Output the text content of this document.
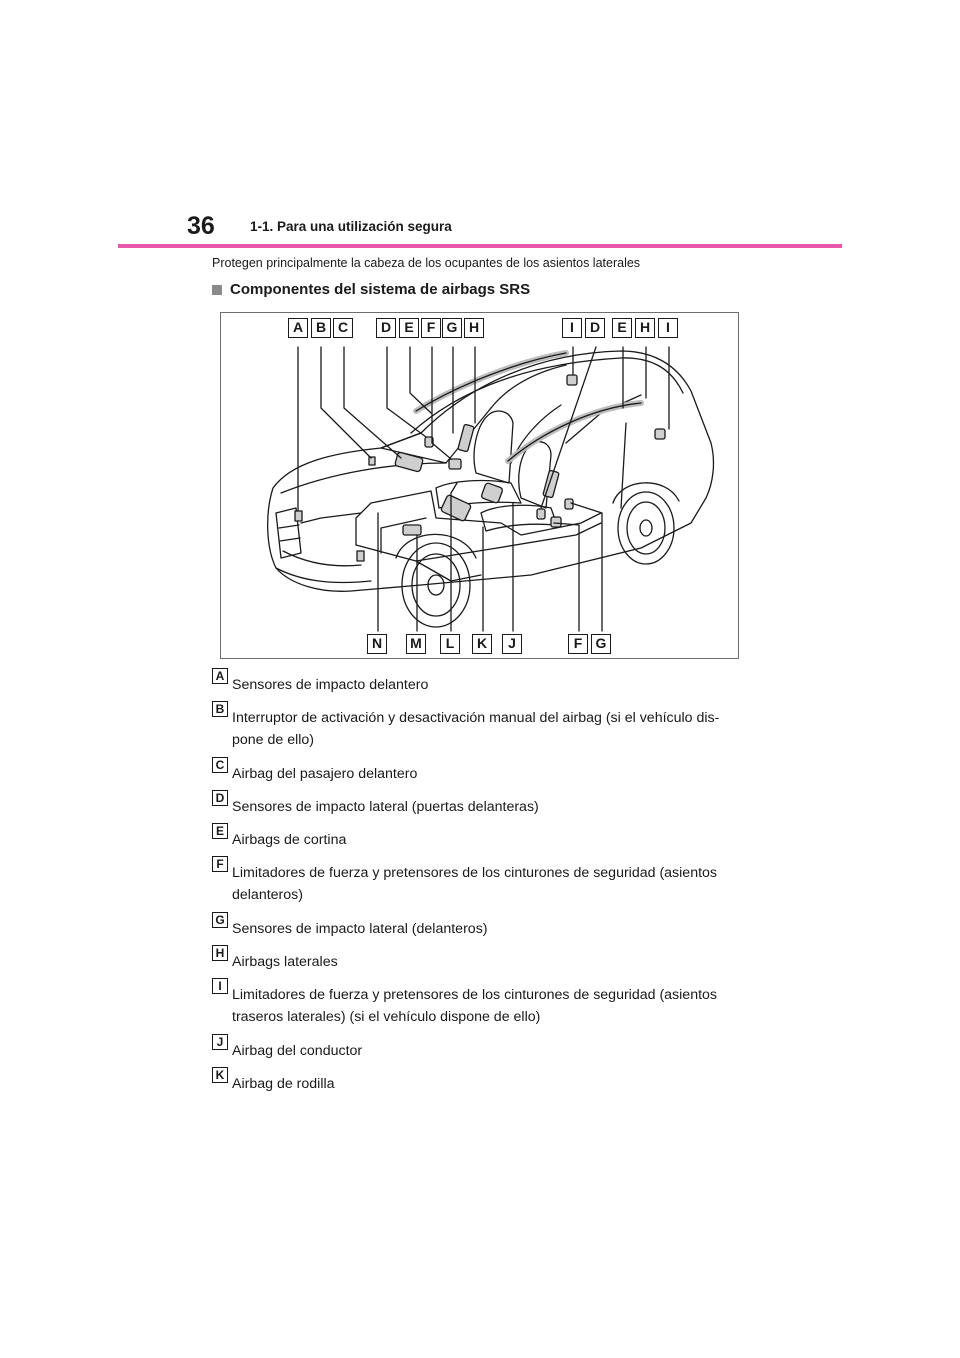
36	1-1. Para una utilización segura
Protegen principalmente la cabeza de los ocupantes de los asientos laterales
Componentes del sistema de airbags SRS
A B C	D E F G H	I	D	E H	I
N	M	L	K	J	F G
A
Sensores de impacto delantero
B
Interruptor de activación y desactivación manual del airbag (si el vehículo dis-pone de ello)
C
Airbag del pasajero delantero
D
Sensores de impacto lateral (puertas delanteras)
E
Airbags de cortina
F
Limitadores de fuerza y pretensores de los cinturones de seguridad (asientos delanteros)
G
Sensores de impacto lateral (delanteros)
H
Airbags laterales
I
Limitadores de fuerza y pretensores de los cinturones de seguridad (asientos traseros laterales) (si el vehículo dispone de ello)
J
Airbag del conductor
K
Airbag de rodilla
